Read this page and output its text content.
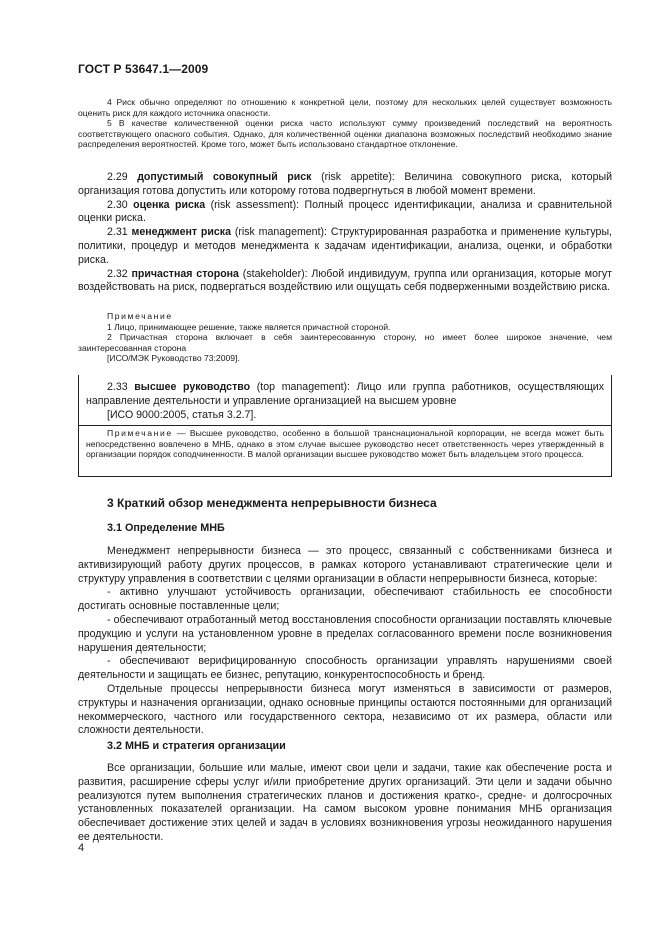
ГОСТ Р 53647.1—2009

4 Риск обычно определяют по отношению к конкретной цели, поэтому для нескольких целей существует возможность оценить риск для каждого источника опасности.

5 В качестве количественной оценки риска часто используют сумму произведений последствий на вероятность соответствующего опасного события. Однако, для количественной оценки диапазона возможных последствий необходимо знание распределения вероятностей. Кроме того, может быть использовано стандартное отклонение.

2.29 допустимый совокупный риск (risk appetite): Величина совокупного риска, который организация готова допустить или которому готова подвергнуться в любой момент времени.

2.30 оценка риска (risk assessment): Полный процесс идентификации, анализа и сравнительной оценки риска.

2.31 менеджмент риска (risk management): Структурированная разработка и применение культуры, политики, процедур и методов менеджмента к задачам идентификации, анализа, оценки, и обработки риска.

2.32 причастная сторона (stakeholder): Любой индивидуум, группа или организация, которые могут воздействовать на риск, подвергаться воздействию или ощущать себя подверженными воздействию риска.

Примечание

1 Лицо, принимающее решение, также является причастной стороной.

2 Причастная сторона включает в себя заинтересованную сторону, но имеет более широкое значение, чем заинтересованная сторона

[ИСО/МЭК Руководство 73:2009].

2.33 высшее руководство (top management): Лицо или группа работников, осуществляющих направление деятельности и управление организацией на высшем уровне

[ИСО 9000:2005, статья 3.2.7].

Примечание — Высшее руководство, особенно в большой транснациональной корпорации, не всегда может быть непосредственно вовлечено в МНБ, однако в этом случае высшее руководство несет ответственность через утвержденный в организации порядок соподчиненности. В малой организации высшее руководство может быть владельцем этого процесса.

3 Краткий обзор менеджмента непрерывности бизнеса
3.1 Определение МНБ

Менеджмент непрерывности бизнеса — это процесс, связанный с собственниками бизнеса и активизирующий работу других процессов, в рамках которого устанавливают стратегические цели и структуру управления в соответствии с целями организации в области непрерывности бизнеса, которые:

- активно улучшают устойчивость организации, обеспечивают стабильность ее способности достигать основные поставленные цели;

- обеспечивают отработанный метод восстановления способности организации поставлять ключевые продукцию и услуги на установленном уровне в пределах согласованного времени после возникновения нарушения деятельности;

- обеспечивают верифицированную способность организации управлять нарушениями своей деятельности и защищать ее бизнес, репутацию, конкурентоспособность и бренд.

Отдельные процессы непрерывности бизнеса могут изменяться в зависимости от размеров, структуры и назначения организации, однако основные принципы остаются постоянными для организаций некоммерческого, частного или государственного сектора, независимо от их размера, области или сложности деятельности.

3.2 МНБ и стратегия организации

Все организации, большие или малые, имеют свои цели и задачи, такие как обеспечение роста и развития, расширение сферы услуг и/или приобретение других организаций. Эти цели и задачи обычно реализуются путем выполнения стратегических планов и достижения кратко-, средне- и долгосрочных установленных показателей организации. На самом высоком уровне понимания МНБ организация обеспечивает достижение этих целей и задач в условиях возникновения угрозы неожиданного нарушения ее деятельности.

4
